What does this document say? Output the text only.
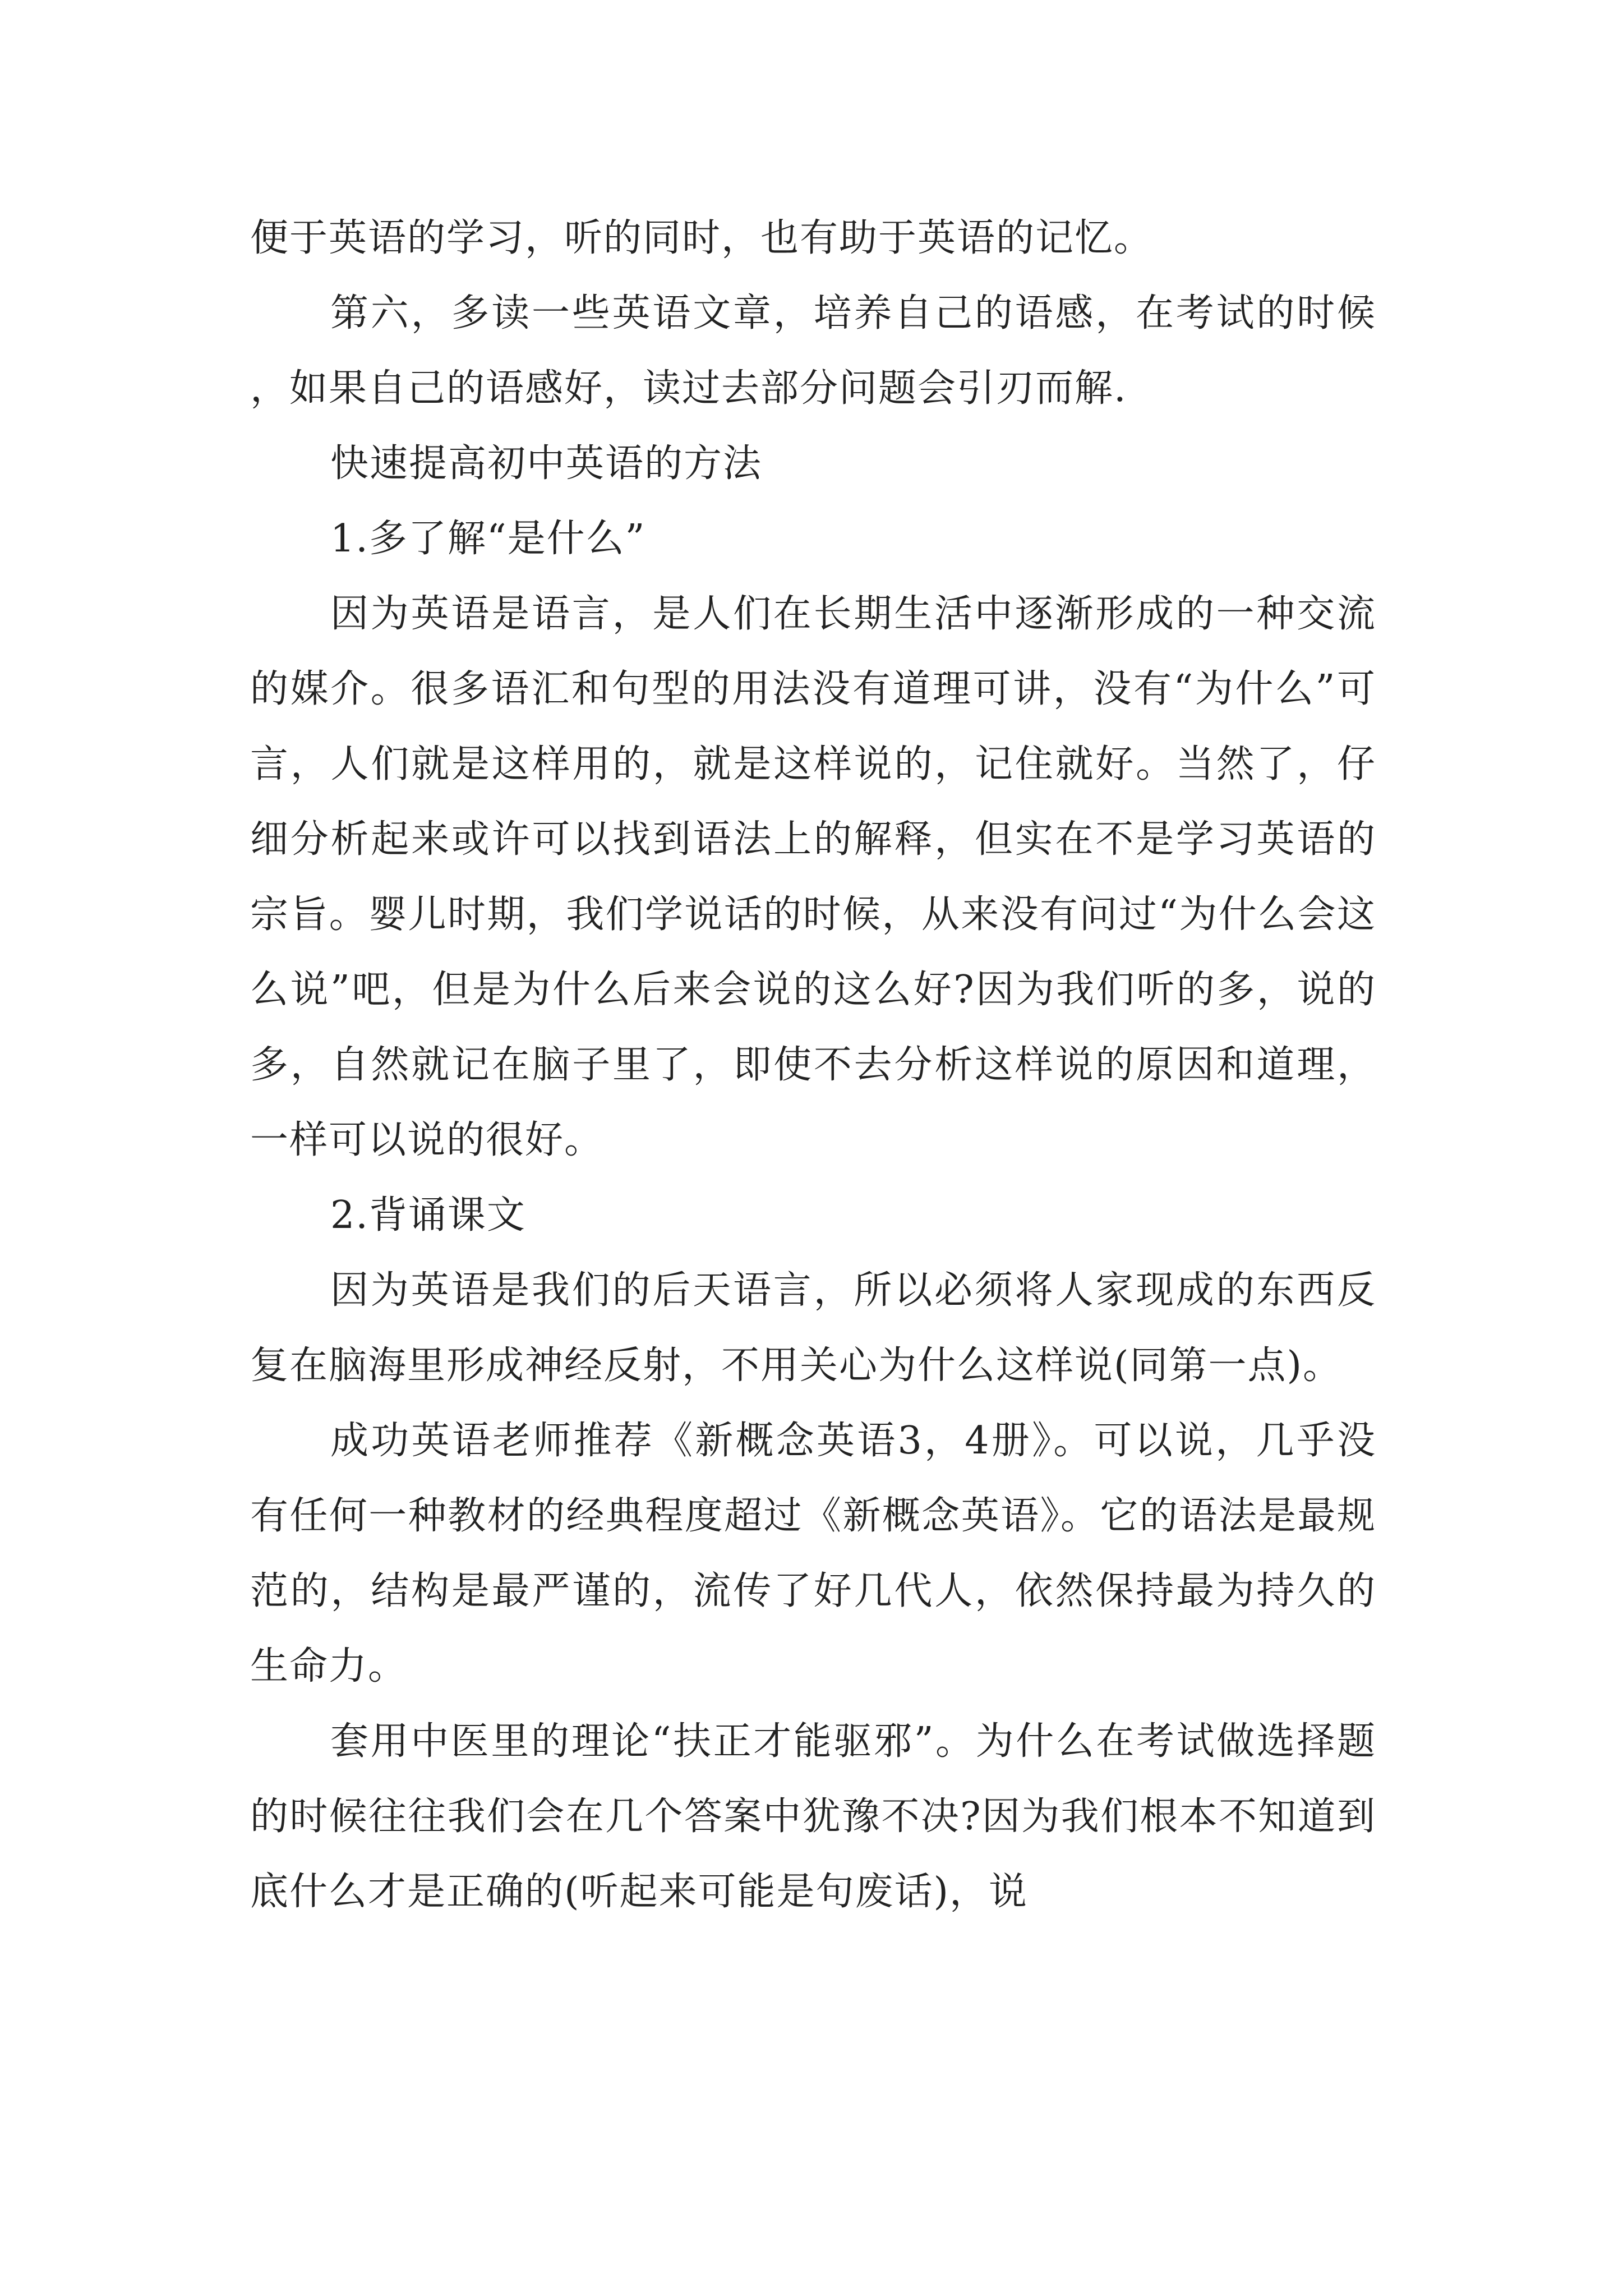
便于英语的学习，听的同时，也有助于英语的记忆。

第六，多读一些英语文章，培养自己的语感，在考试的时候，如果自己的语感好，读过去部分问题会引刃而解.

快速提高初中英语的方法

1.多了解“是什么”

因为英语是语言，是人们在长期生活中逐渐形成的一种交流的媒介。很多语汇和句型的用法没有道理可讲，没有“为什么”可言，人们就是这样用的，就是这样说的，记住就好。当然了，仔细分析起来或许可以找到语法上的解释，但实在不是学习英语的宗旨。婴儿时期，我们学说话的时候，从来没有问过“为什么会这么说”吧，但是为什么后来会说的这么好?因为我们听的多，说的多，自然就记在脑子里了，即使不去分析这样说的原因和道理，一样可以说的很好。

2.背诵课文

因为英语是我们的后天语言，所以必须将人家现成的东西反复在脑海里形成神经反射，不用关心为什么这样说(同第一点)。

成功英语老师推荐《新概念英语3，4册》。可以说，几乎没有任何一种教材的经典程度超过《新概念英语》。它的语法是最规范的，结构是最严谨的，流传了好几代人，依然保持最为持久的生命力。

套用中医里的理论“扶正才能驱邪”。为什么在考试做选择题的时候往往我们会在几个答案中犹豫不决?因为我们根本不知道到底什么才是正确的(听起来可能是句废话)，说
